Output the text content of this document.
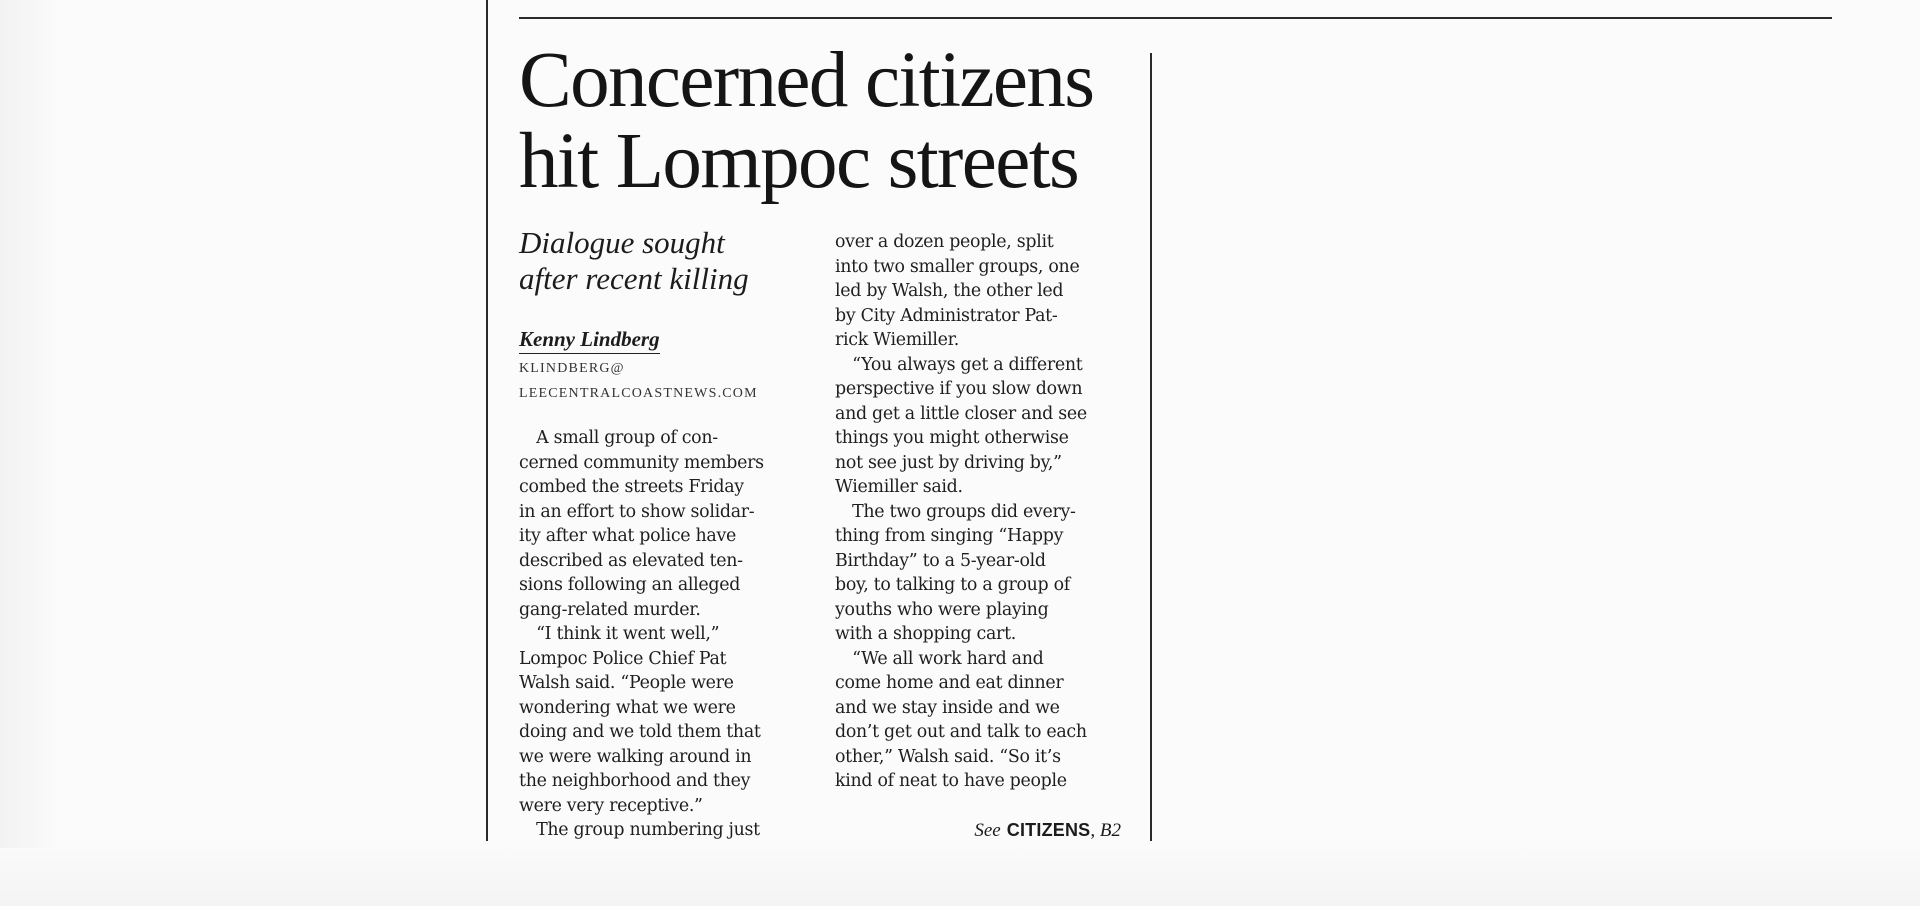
Concerned citizens
hit Lompoc streets
Dialogue sought
after recent killing
Kenny Lindberg
KLINDBERG@
LEECENTRALCOASTNEWS.COM
 A small group of con-
cerned community members
combed the streets Friday
in an effort to show solidar-
ity after what police have
described as elevated ten-
sions following an alleged
gang-related murder.
 “I think it went well,”
Lompoc Police Chief Pat
Walsh said. “People were
wondering what we were
doing and we told them that
we were walking around in
the neighborhood and they
were very receptive.”
 The group numbering just
over a dozen people, split
into two smaller groups, one
led by Walsh, the other led
by City Administrator Pat-
rick Wiemiller.
 “You always get a different
perspective if you slow down
and get a little closer and see
things you might otherwise
not see just by driving by,”
Wiemiller said.
 The two groups did every-
thing from singing “Happy
Birthday” to a 5-year-old
boy, to talking to a group of
youths who were playing
with a shopping cart.
 “We all work hard and
come home and eat dinner
and we stay inside and we
don’t get out and talk to each
other,” Walsh said. “So it’s
kind of neat to have people
See CITIZENS, B2
